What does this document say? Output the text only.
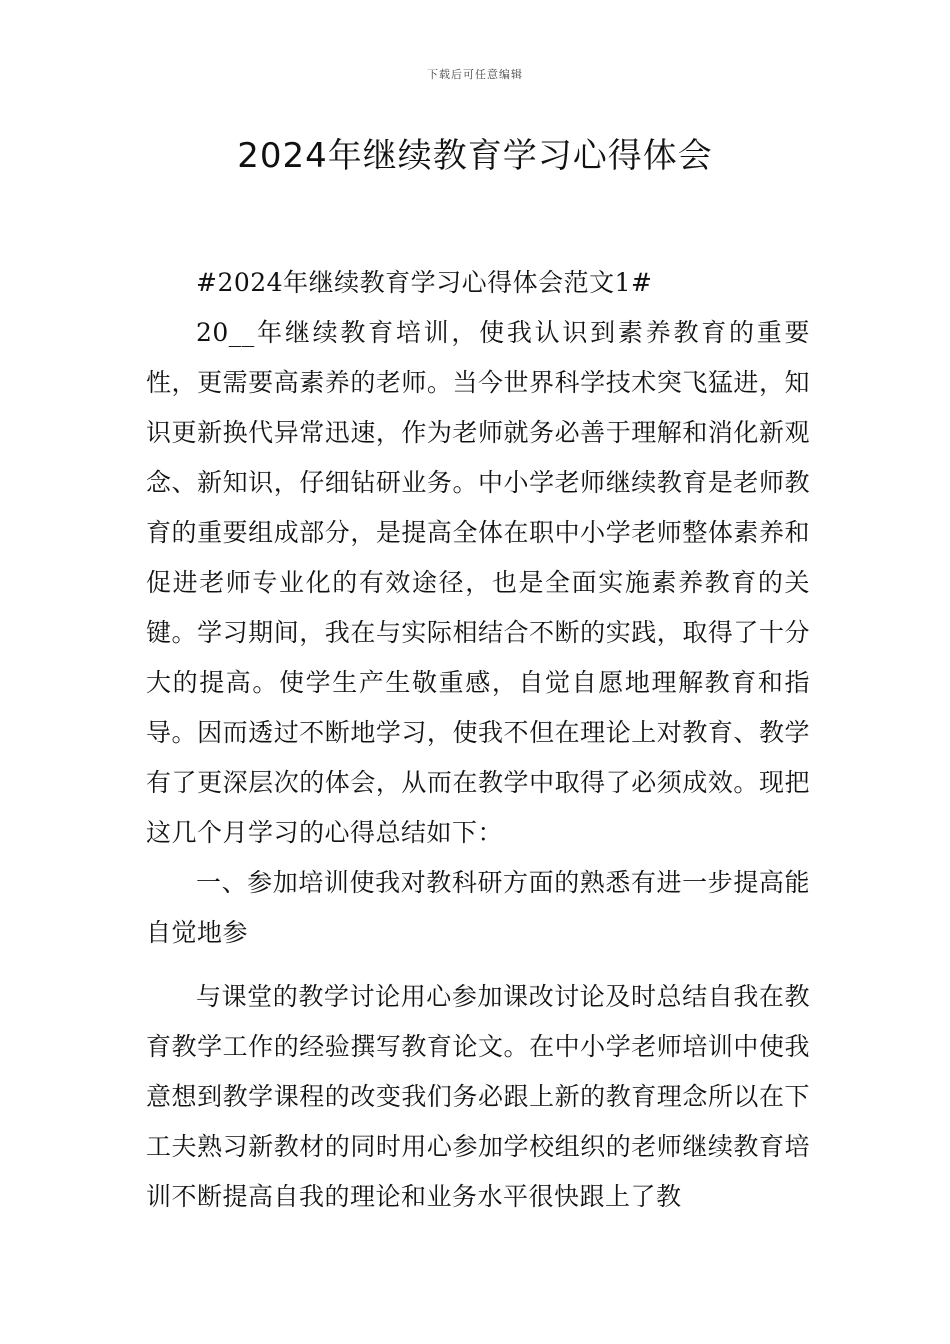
下载后可任意编辑
2024年继续教育学习心得体会

#2024年继续教育学习心得体会范文1#

20__年继续教育培训，使我认识到素养教育的重要性，更需要高素养的老师。当今世界科学技术突飞猛进，知识更新换代异常迅速，作为老师就务必善于理解和消化新观念、新知识，仔细钻研业务。中小学老师继续教育是老师教育的重要组成部分，是提高全体在职中小学老师整体素养和促进老师专业化的有效途径，也是全面实施素养教育的关键。学习期间，我在与实际相结合不断的实践，取得了十分大的提高。使学生产生敬重感，自觉自愿地理解教育和指导。因而透过不断地学习，使我不但在理论上对教育、教学有了更深层次的体会，从而在教学中取得了必须成效。现把这几个月学习的心得总结如下：

一、参加培训使我对教科研方面的熟悉有进一步提高能自觉地参

与课堂的教学讨论用心参加课改讨论及时总结自我在教育教学工作的经验撰写教育论文。在中小学老师培训中使我意想到教学课程的改变我们务必跟上新的教育理念所以在下工夫熟习新教材的同时用心参加学校组织的老师继续教育培训不断提高自我的理论和业务水平很快跟上了教
